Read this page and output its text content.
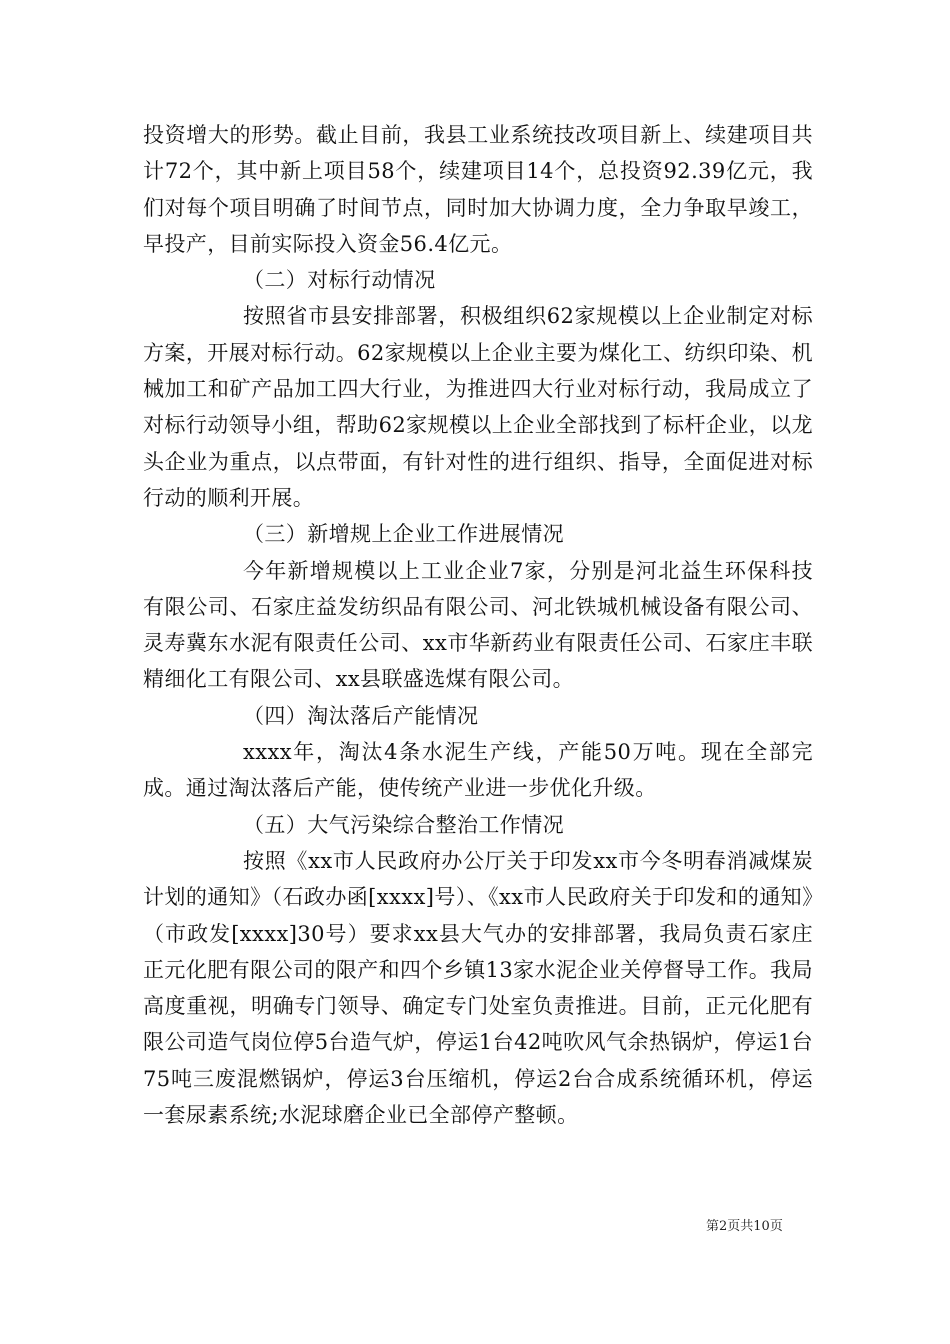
投资增大的形势。截止目前，我县工业系统技改项目新上、续建项目共计72个，其中新上项目58个，续建项目14个，总投资92.39亿元，我们对每个项目明确了时间节点，同时加大协调力度，全力争取早竣工，早投产，目前实际投入资金56.4亿元。

（二）对标行动情况

按照省市县安排部署，积极组织62家规模以上企业制定对标方案，开展对标行动。62家规模以上企业主要为煤化工、纺织印染、机械加工和矿产品加工四大行业，为推进四大行业对标行动，我局成立了对标行动领导小组，帮助62家规模以上企业全部找到了标杆企业，以龙头企业为重点，以点带面，有针对性的进行组织、指导，全面促进对标行动的顺利开展。

（三）新增规上企业工作进展情况

今年新增规模以上工业企业7家，分别是河北益生环保科技有限公司、石家庄益发纺织品有限公司、河北铁城机械设备有限公司、灵寿冀东水泥有限责任公司、xx市华新药业有限责任公司、石家庄丰联精细化工有限公司、xx县联盛选煤有限公司。

（四）淘汰落后产能情况

xxxx年，淘汰4条水泥生产线，产能50万吨。现在全部完成。通过淘汰落后产能，使传统产业进一步优化升级。

（五）大气污染综合整治工作情况

按照《xx市人民政府办公厅关于印发xx市今冬明春消减煤炭计划的通知》（石政办函[xxxx]号）、《xx市人民政府关于印发和的通知》（市政发[xxxx]30号）要求xx县大气办的安排部署，我局负责石家庄正元化肥有限公司的限产和四个乡镇13家水泥企业关停督导工作。我局高度重视，明确专门领导、确定专门处室负责推进。目前，正元化肥有限公司造气岗位停5台造气炉，停运1台42吨吹风气余热锅炉，停运1台75吨三废混燃锅炉，停运3台压缩机，停运2台合成系统循环机，停运一套尿素系统;水泥球磨企业已全部停产整顿。

第2页共10页
